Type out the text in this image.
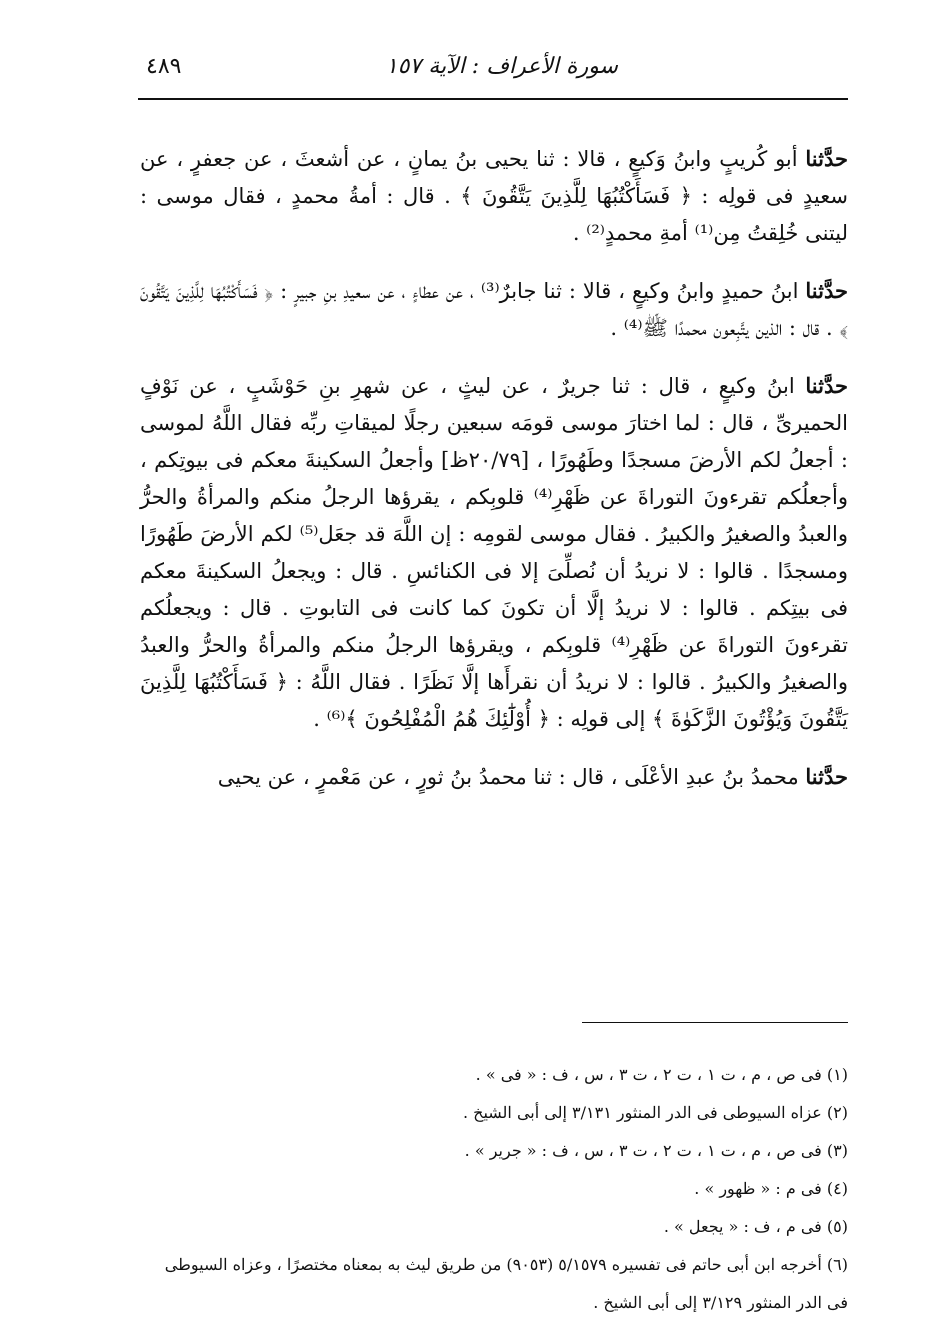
سورة الأعراف : الآية ١٥٧
٤٨٩

حدَّثنا أبو كُريبٍ وابنُ وَكيعٍ ، قالا : ثنا يحيى بنُ يمانٍ ، عن أشعثَ ، عن جعفرٍ ، عن سعيدٍ فى قولِه : ﴿ فَسَأَكْتُبُهَا لِلَّذِينَ يَتَّقُونَ ﴾ . قال : أمةُ محمدٍ ، فقال موسى : ليتنى خُلِقتُ مِن⁽¹⁾ أمةِ محمدٍ⁽²⁾ .

حدَّثنا ابنُ حميدٍ وابنُ وكيعٍ ، قالا : ثنا جابرٌ⁽³⁾ ، عن عطاءٍ ، عن سعيدِ بنِ جبيرٍ : ﴿ فَسَأَكْتُبُهَا لِلَّذِينَ يَتَّقُونَ ﴾ . قال : الذين يتَّبِعون محمدًا ﷺ⁽⁴⁾ .

حدَّثنا ابنُ وكيعٍ ، قال : ثنا جريرٌ ، عن ليثٍ ، عن شهرِ بنِ حَوْشَبٍ ، عن نَوْفٍ الحميرىِّ ، قال : لما اختارَ موسى قومَه سبعين رجلًا لميقاتِ ربِّه فقال اللَّهُ لموسى : أجعلُ لكم الأرضَ مسجدًا وطَهُورًا ، [٢٠/٧٩ظ] وأجعلُ السكينةَ معكم فى بيوتِكم ، وأجعلُكم تقرءونَ التوراةَ عن ظَهْرِ⁽⁴⁾ قلوبِكم ، يقرؤها الرجلُ منكم والمرأةُ والحرُّ والعبدُ والصغيرُ والكبيرُ . فقال موسى لقومِه : إن اللَّهَ قد جعَل⁽⁵⁾ لكم الأرضَ طَهُورًا ومسجدًا . قالوا : لا نريدُ أن نُصلِّىَ إلا فى الكنائسِ . قال : ويجعلُ السكينةَ معكم فى بيتِكم . قالوا : لا نريدُ إلَّا أن تكونَ كما كانت فى التابوتِ . قال : ويجعلُكم تقرءونَ التوراةَ عن ظَهْرِ⁽⁴⁾ قلوبِكم ، ويقرؤها الرجلُ منكم والمرأةُ والحرُّ والعبدُ والصغيرُ والكبيرُ . قالوا : لا نريدُ أن نقرأَها إلَّا نَظَرًا . فقال اللَّهُ : ﴿ فَسَأَكْتُبُهَا لِلَّذِينَ يَتَّقُونَ وَيُؤْتُونَ الزَّكَوٰةَ ﴾ إلى قولِه : ﴿ أُوْلَٰٓئِكَ هُمُ الْمُفْلِحُونَ ﴾⁽⁶⁾ .

حدَّثنا محمدُ بنُ عبدِ الأعْلَى ، قال : ثنا محمدُ بنُ ثورٍ ، عن مَعْمرٍ ، عن يحيى

(١) فى ص ، م ، ت ١ ، ت ٢ ، ت ٣ ، س ، ف : « فى » .

(٢) عزاه السيوطى فى الدر المنثور ٣/١٣١ إلى أبى الشيخ .

(٣) فى ص ، م ، ت ١ ، ت ٢ ، ت ٣ ، س ، ف : « جرير » .

(٤) فى م : « ظهور » .

(٥) فى م ، ف : « يجعل » .

(٦) أخرجه ابن أبى حاتم فى تفسيره ٥/١٥٧٩ (٩٠٥٣) من طريق ليث به بمعناه مختصرًا ، وعزاه السيوطى فى الدر المنثور ٣/١٢٩ إلى أبى الشيخ .
